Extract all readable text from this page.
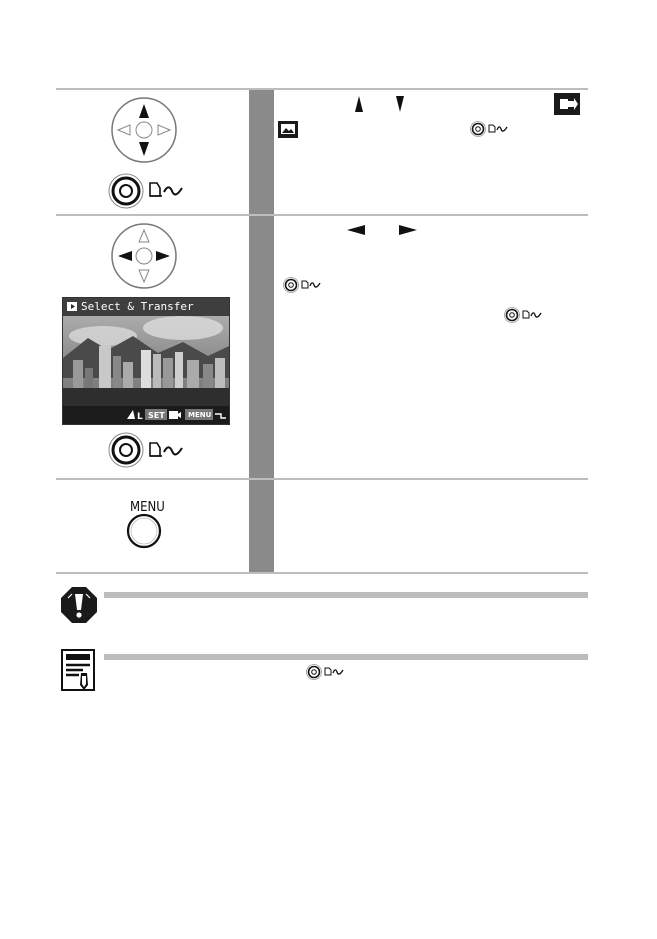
L
Select & Transfer
SET	MENU
MENU
